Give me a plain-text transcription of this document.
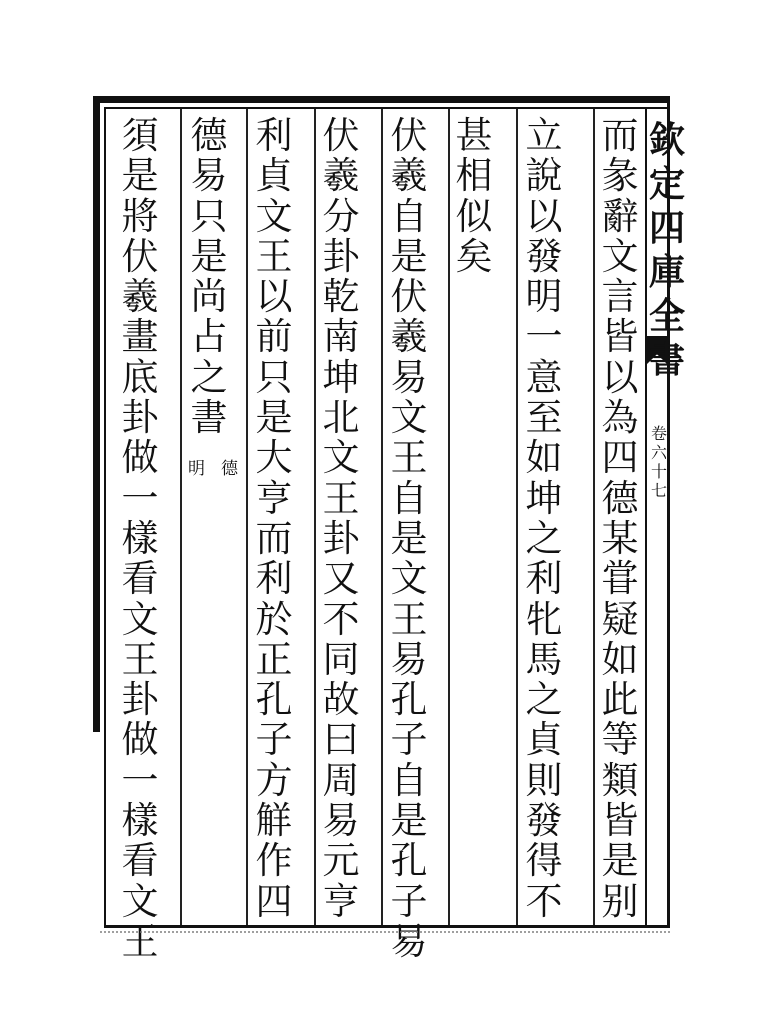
欽
定
四
庫
全
書
卷
六
十
七
而
彖
辭
文
言
皆
以
為
四
德
某
甞
疑
如
此
等
類
皆
是
别
立
說
以
發
明
一
意
至
如
坤
之
利
牝
馬
之
貞
則
發
得
不
甚
相
似
矣
伏
羲
自
是
伏
羲
易
文
王
自
是
文
王
易
孔
子
自
是
孔
子
易
伏
羲
分
卦
乾
南
坤
北
文
王
卦
又
不
同
故
曰
周
易
元
亨
利
貞
文
王
以
前
只
是
大
亨
而
利
於
正
孔
子
方
觧
作
四
德
易
只
是
尚
占
之
書
須
是
將
伏
羲
畫
底
卦
做
一
樣
看
文
王
卦
做
一
樣
看
文
王
德
明
